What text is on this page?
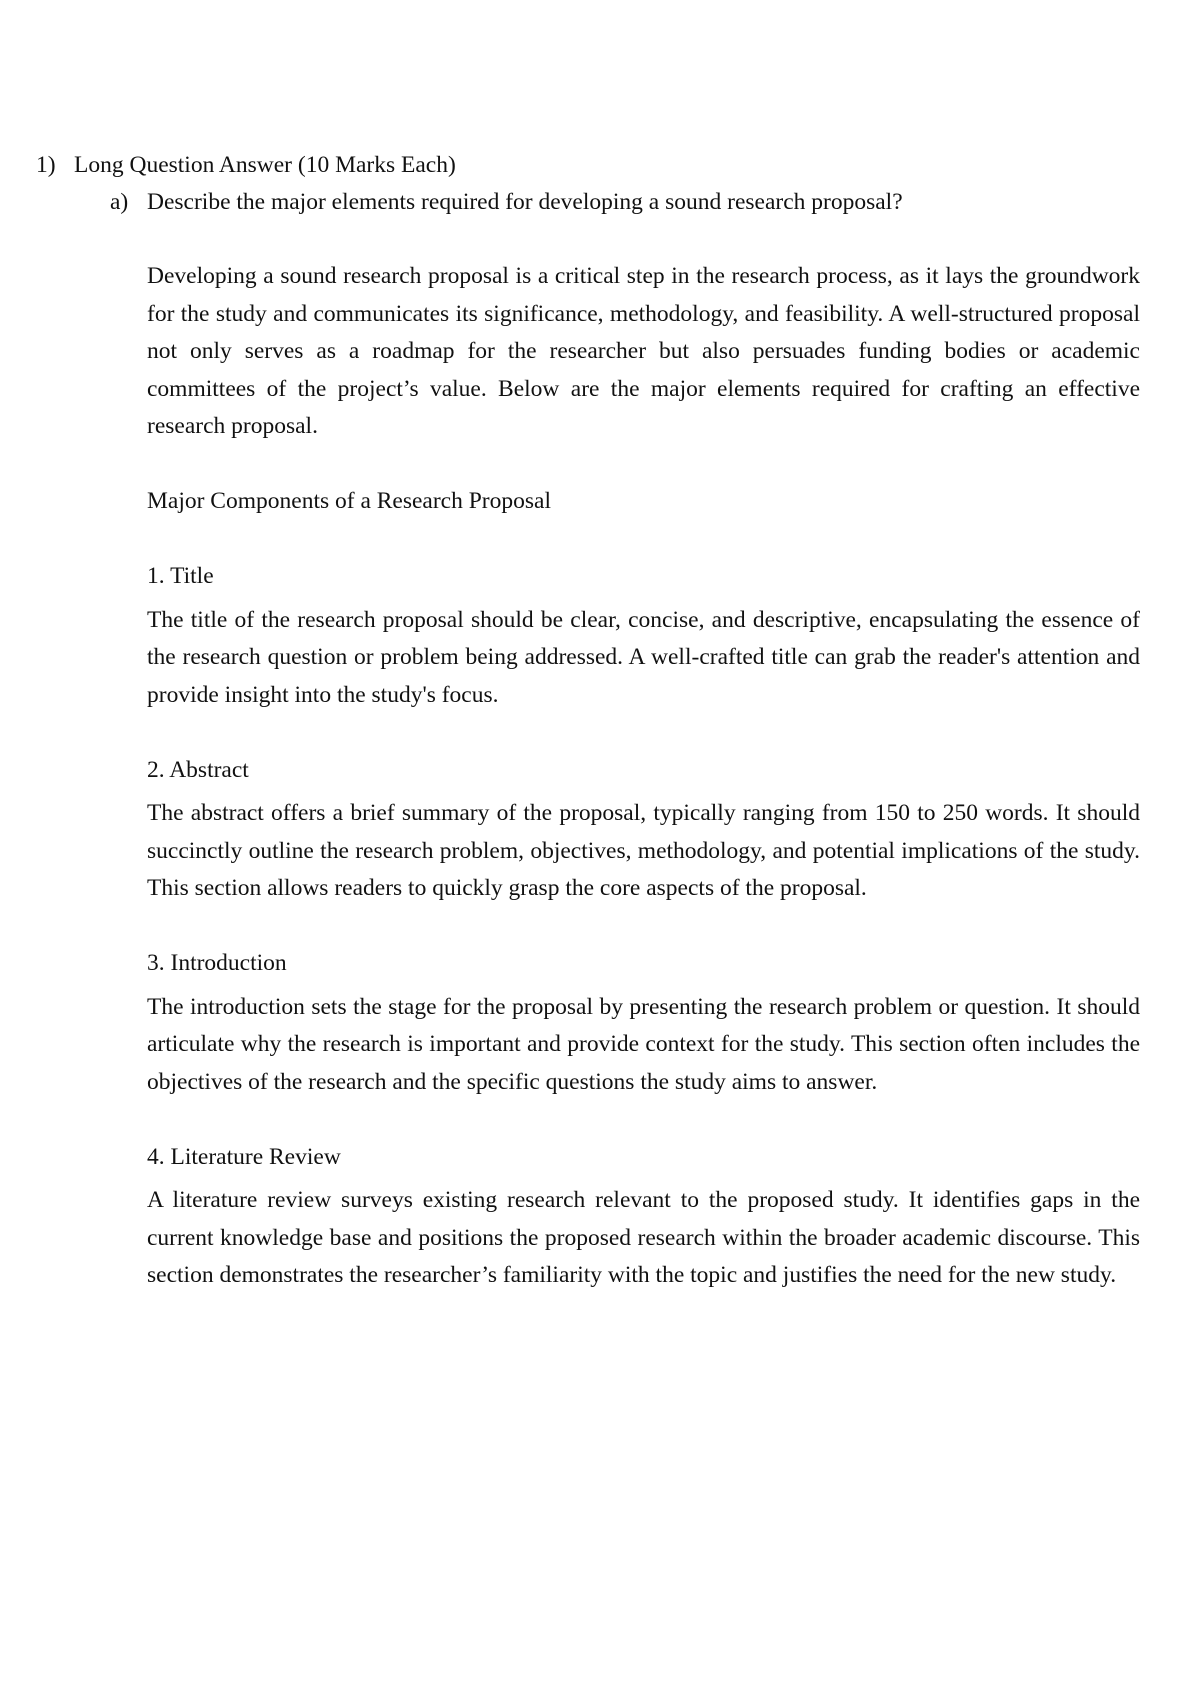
1) Long Question Answer (10 Marks Each)
a) Describe the major elements required for developing a sound research proposal?

Developing a sound research proposal is a critical step in the research process, as it lays the groundwork for the study and communicates its significance, methodology, and feasibility. A well-structured proposal not only serves as a roadmap for the researcher but also persuades funding bodies or academic committees of the project’s value. Below are the major elements required for crafting an effective research proposal.

Major Components of a Research Proposal

1. Title

The title of the research proposal should be clear, concise, and descriptive, encapsulating the essence of the research question or problem being addressed. A well-crafted title can grab the reader's attention and provide insight into the study's focus.

2. Abstract

The abstract offers a brief summary of the proposal, typically ranging from 150 to 250 words. It should succinctly outline the research problem, objectives, methodology, and potential implications of the study. This section allows readers to quickly grasp the core aspects of the proposal.

3. Introduction

The introduction sets the stage for the proposal by presenting the research problem or question. It should articulate why the research is important and provide context for the study. This section often includes the objectives of the research and the specific questions the study aims to answer.

4. Literature Review

A literature review surveys existing research relevant to the proposed study. It identifies gaps in the current knowledge base and positions the proposed research within the broader academic discourse. This section demonstrates the researcher’s familiarity with the topic and justifies the need for the new study.
